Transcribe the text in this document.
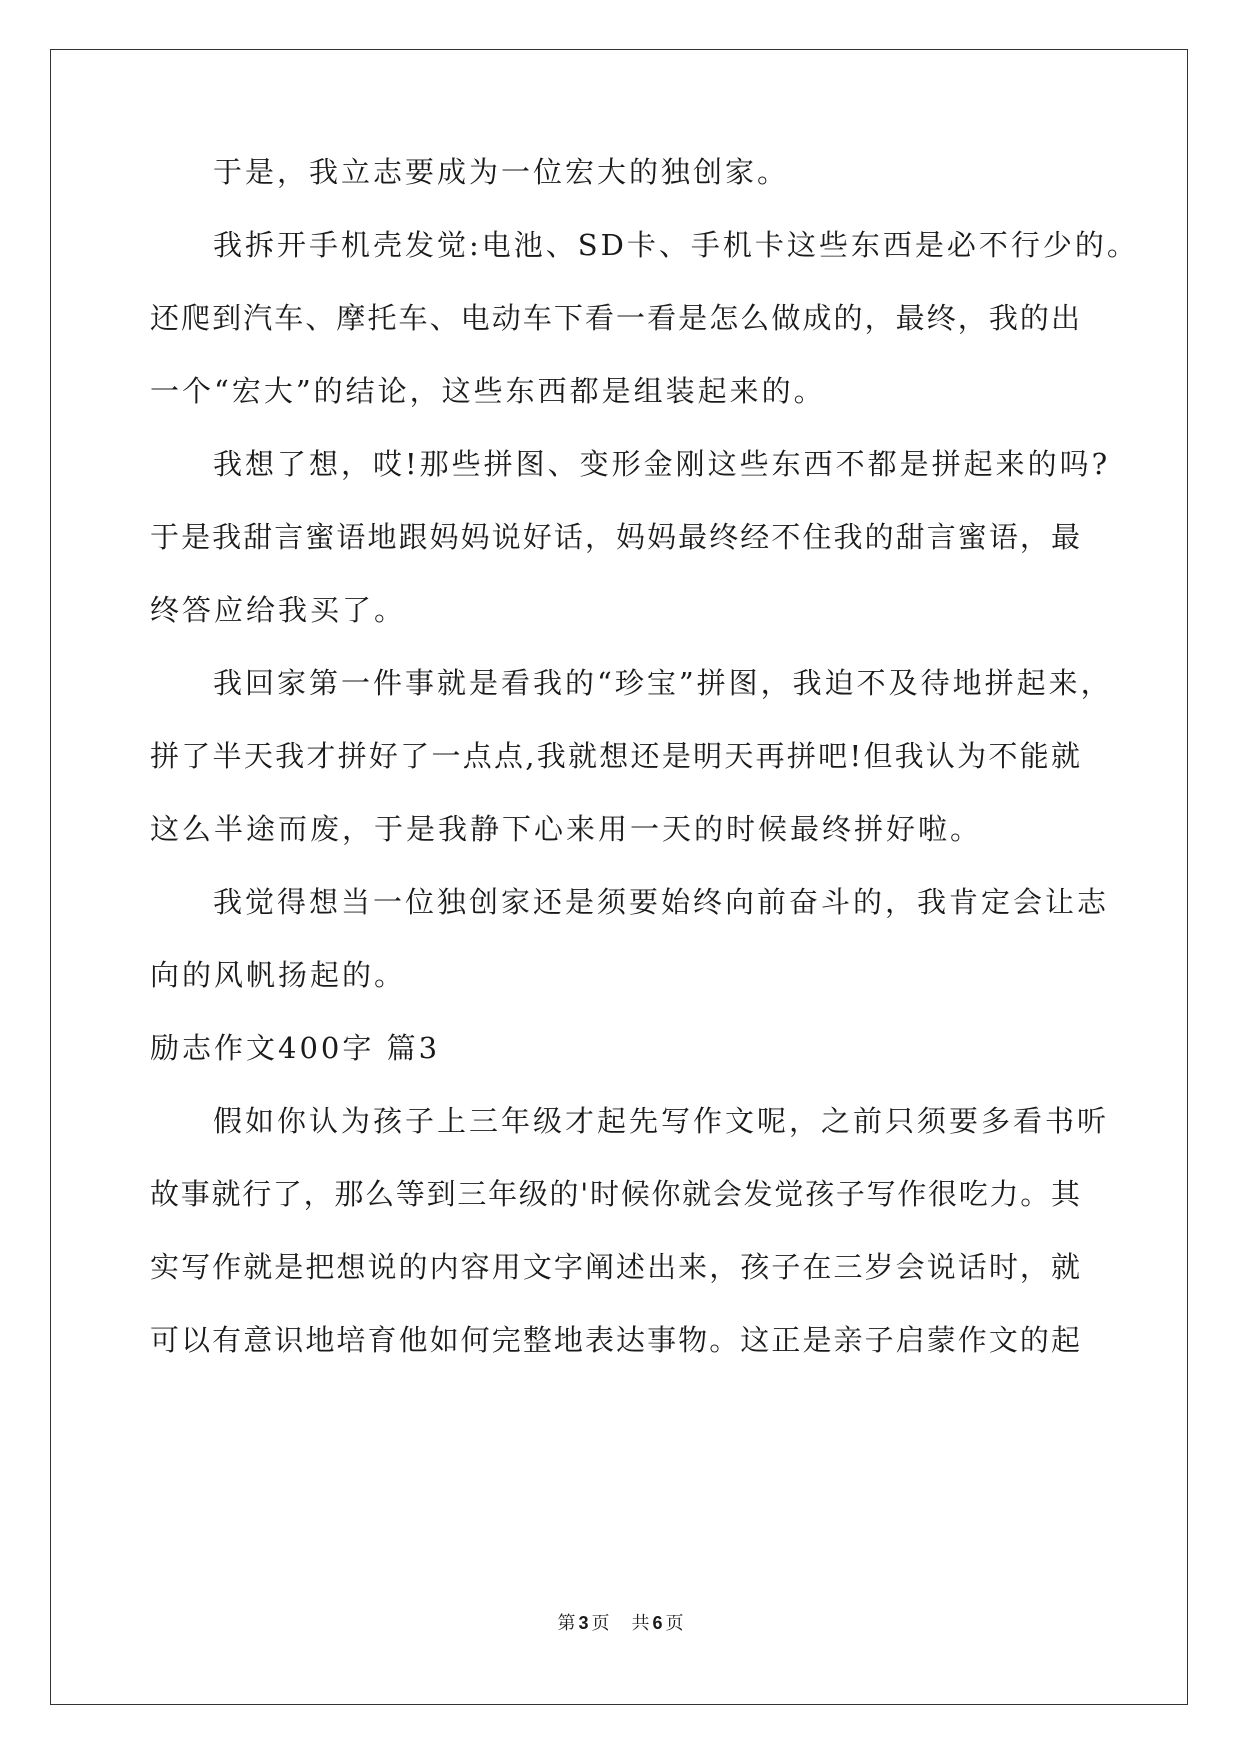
于是，我立志要成为一位宏大的独创家。
我拆开手机壳发觉:电池、SD卡、手机卡这些东西是必不行少的。
还爬到汽车、摩托车、电动车下看一看是怎么做成的，最终，我的出
一个“宏大”的结论，这些东西都是组装起来的。
我想了想，哎!那些拼图、变形金刚这些东西不都是拼起来的吗?
于是我甜言蜜语地跟妈妈说好话，妈妈最终经不住我的甜言蜜语，最
终答应给我买了。
我回家第一件事就是看我的“珍宝”拼图，我迫不及待地拼起来，
拼了半天我才拼好了一点点,我就想还是明天再拼吧!但我认为不能就
这么半途而废，于是我静下心来用一天的时候最终拼好啦。
我觉得想当一位独创家还是须要始终向前奋斗的，我肯定会让志
向的风帆扬起的。
励志作文400字 篇3
假如你认为孩子上三年级才起先写作文呢，之前只须要多看书听
故事就行了，那么等到三年级的'时候你就会发觉孩子写作很吃力。其
实写作就是把想说的内容用文字阐述出来，孩子在三岁会说话时，就
可以有意识地培育他如何完整地表达事物。这正是亲子启蒙作文的起
第 3 页 共 6 页
